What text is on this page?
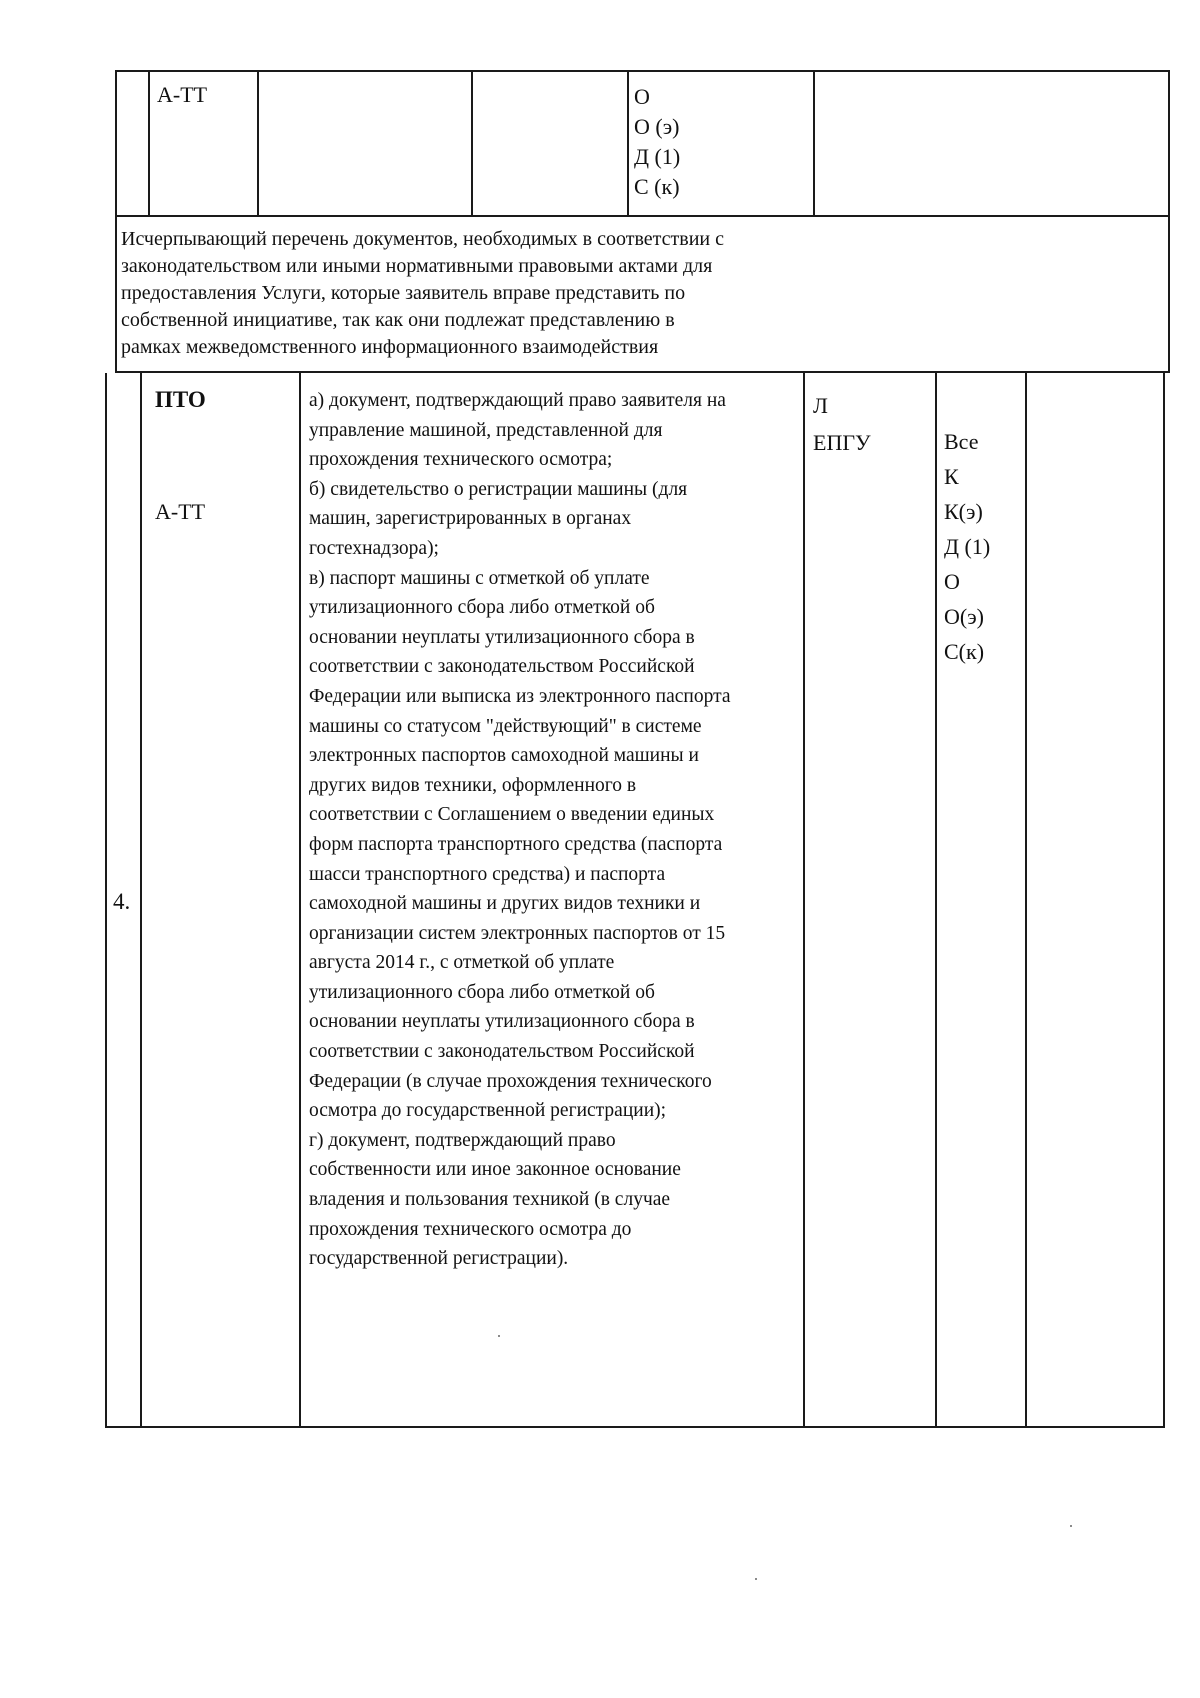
А-ТТ	О
О (э)
Д (1)
С (к)
Исчерпывающий перечень документов, необходимых в соответствии с
законодательством или иными нормативными правовыми актами для
предоставления Услуги, которые заявитель вправе представить по
собственной инициативе, так как они подлежат представлению в
рамках межведомственного информационного взаимодействия
4.
ПТО
А-ТТ
а) документ, подтверждающий право заявителя на
управление машиной, представленной для
прохождения технического осмотра;
б) свидетельство о регистрации машины (для
машин, зарегистрированных в органах
гостехнадзора);
в) паспорт машины с отметкой об уплате
утилизационного сбора либо отметкой об
основании неуплаты утилизационного сбора в
соответствии с законодательством Российской
Федерации или выписка из электронного паспорта
машины со статусом "действующий" в системе
электронных паспортов самоходной машины и
других видов техники, оформленного в
соответствии с Соглашением о введении единых
форм паспорта транспортного средства (паспорта
шасси транспортного средства) и паспорта
самоходной машины и других видов техники и
организации систем электронных паспортов от 15
августа 2014 г., с отметкой об уплате
утилизационного сбора либо отметкой об
основании неуплаты утилизационного сбора в
соответствии с законодательством Российской
Федерации (в случае прохождения технического
осмотра до государственной регистрации);
г) документ, подтверждающий право
собственности или иное законное основание
владения и пользования техникой (в случае
прохождения технического осмотра до
государственной регистрации).
Л
ЕПГУ	Все
К
К(э)
Д (1)
О
О(э)
С(к)
